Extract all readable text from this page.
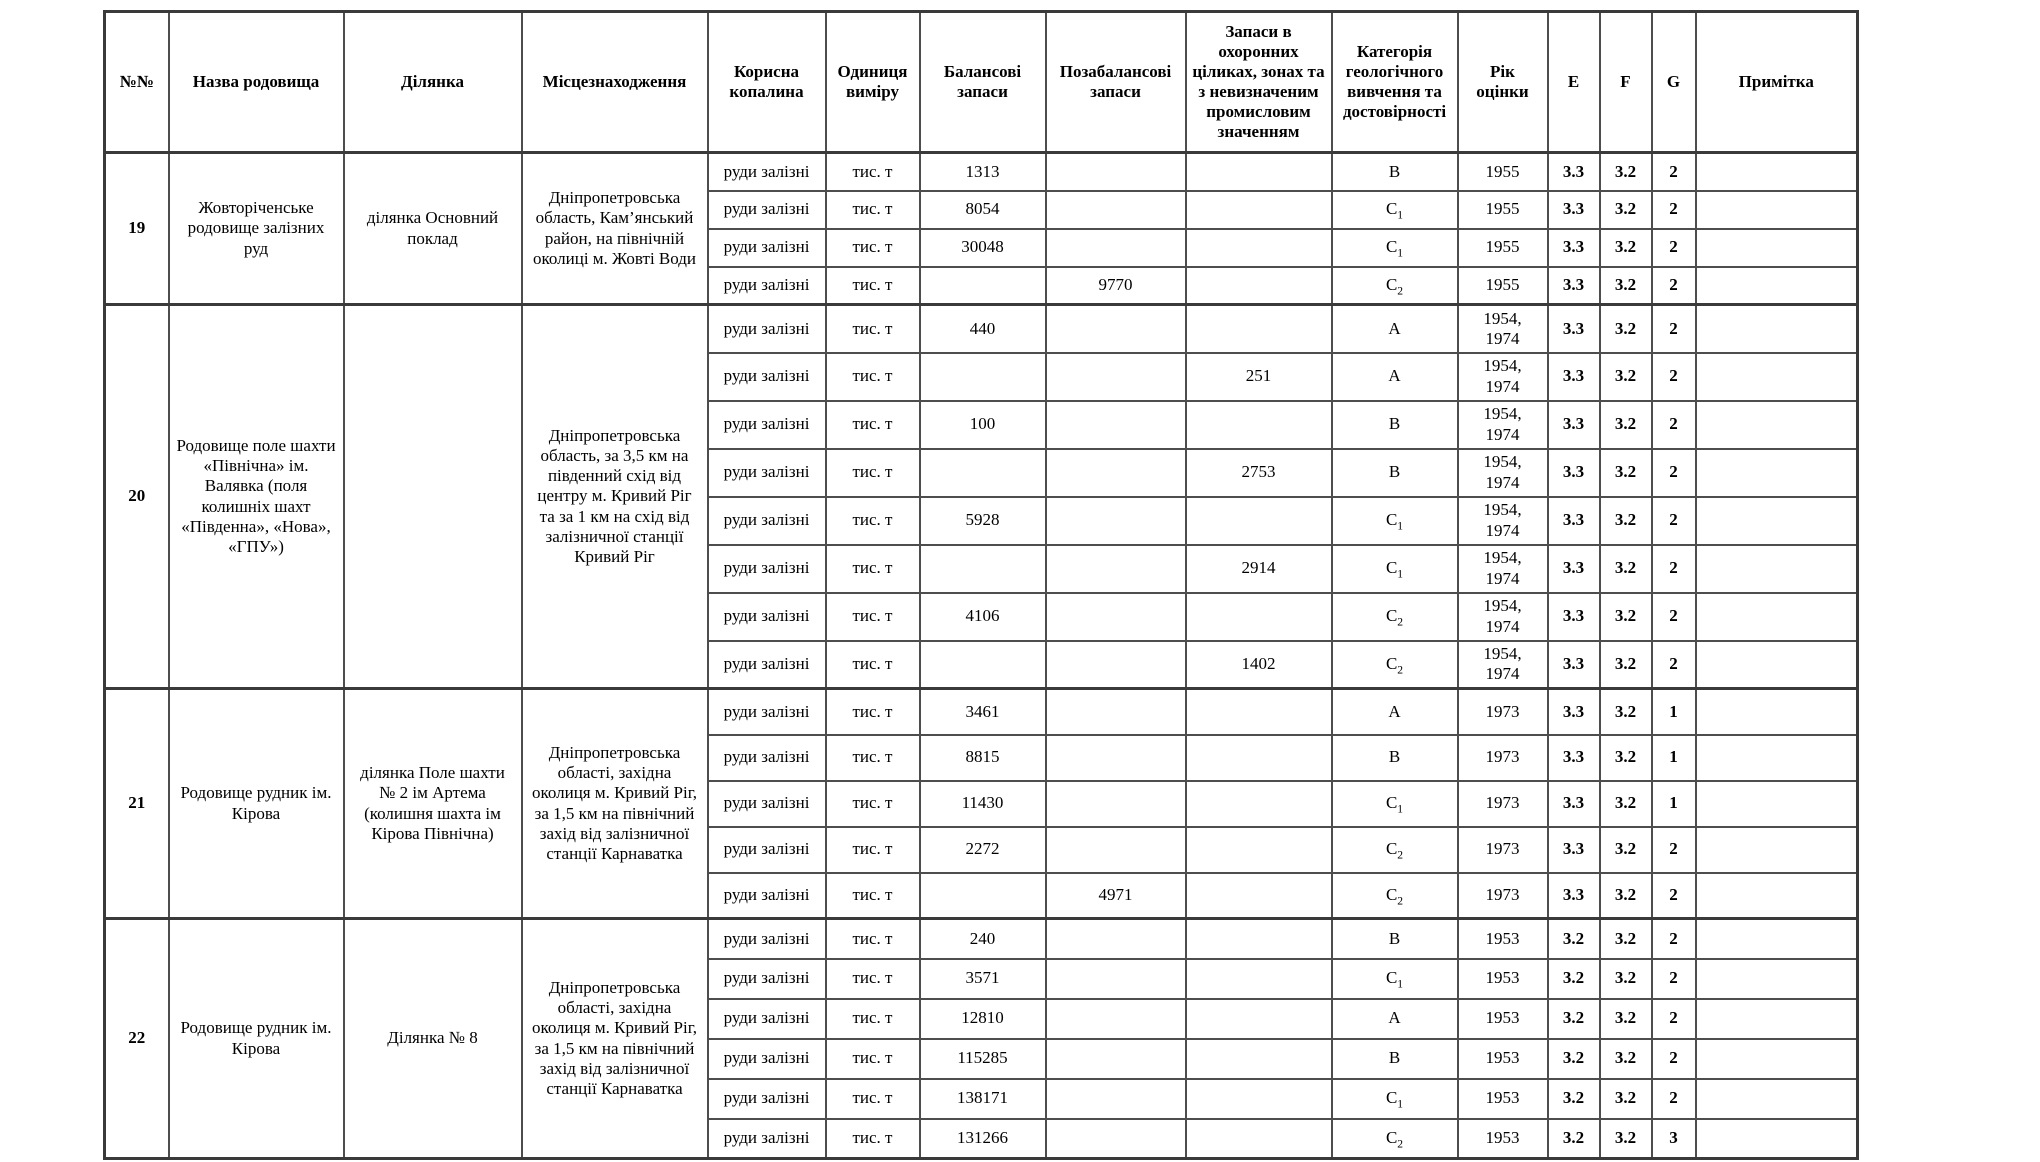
№№	Назва родовища	Ділянка	Місцезнаходження	Корисна копалина	Одиниця виміру	Балансові запаси	Позабалансові запаси	Запаси в охоронних ціликах, зонах та з невизначеним промисловим значенням	Категорія геологічного вивчення та достовірності	Рік оцінки	E	F	G	Примітка
19	Жовторіченське родовище залізних руд	ділянка Основний поклад	Дніпропетровська область, Кам’янський район, на північній околиці м. Жовті Води	руди залізні	тис. т	1313			B	1955	3.3	3.2	2	
				руди залізні	тис. т	8054			$C_1$	1955	3.3	3.2	2	
				руди залізні	тис. т	30048			$C_1$	1955	3.3	3.2	2	
				руди залізні	тис. т		9770		$C_2$	1955	3.3	3.2	2	
20	Родовище поле шахти «Північна» ім. Валявка (поля колишніх шахт «Південна», «Нова», «ГПУ»)		Дніпропетровська область, за 3,5 км на південний схід від центру м. Кривий Ріг та за 1 км на схід від залізничної станції Кривий Ріг	руди залізні	тис. т	440			A	1954, 1974	3.3	3.2	2	
				руди залізні	тис. т			251	A	1954, 1974	3.3	3.2	2	
				руди залізні	тис. т	100			B	1954, 1974	3.3	3.2	2	
				руди залізні	тис. т			2753	B	1954, 1974	3.3	3.2	2	
				руди залізні	тис. т	5928			$C_1$	1954, 1974	3.3	3.2	2	
				руди залізні	тис. т			2914	$C_1$	1954, 1974	3.3	3.2	2	
				руди залізні	тис. т	4106			$C_2$	1954, 1974	3.3	3.2	2	
				руди залізні	тис. т			1402	$C_2$	1954, 1974	3.3	3.2	2	
21	Родовище рудник ім. Кірова	ділянка Поле шахти № 2 ім Артема (колишня шахта ім Кірова Північна)	Дніпропетровська області, західна околиця м. Кривий Ріг, за 1,5 км на північний захід від залізничної станції Карнаватка	руди залізні	тис. т	3461			A	1973	3.3	3.2	1	
				руди залізні	тис. т	8815			B	1973	3.3	3.2	1	
				руди залізні	тис. т	11430			$C_1$	1973	3.3	3.2	1	
				руди залізні	тис. т	2272			$C_2$	1973	3.3	3.2	2	
				руди залізні	тис. т		4971		$C_2$	1973	3.3	3.2	2	
22	Родовище рудник ім. Кірова	Ділянка № 8	Дніпропетровська області, західна околиця м. Кривий Ріг, за 1,5 км на північний захід від залізничної станції Карнаватка	руди залізні	тис. т	240			B	1953	3.2	3.2	2	
				руди залізні	тис. т	3571			$C_1$	1953	3.2	3.2	2	
				руди залізні	тис. т	12810			A	1953	3.2	3.2	2	
				руди залізні	тис. т	115285			B	1953	3.2	3.2	2	
				руди залізні	тис. т	138171			$C_1$	1953	3.2	3.2	2	
				руди залізні	тис. т	131266			$C_2$	1953	3.2	3.2	3	
